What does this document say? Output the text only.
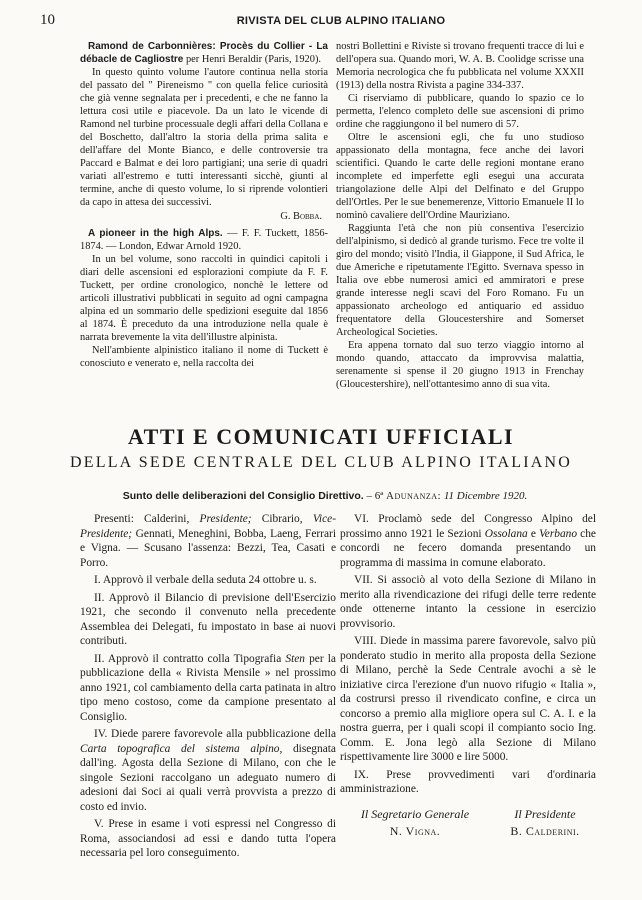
10	RIVISTA DEL CLUB ALPINO ITALIANO

Ramond de Carbonnières: Procès du Collier - La débacle de Cagliostre per Henri Beraldir (Paris, 1920).

In questo quinto volume l'autore continua nella storia del passato del " Pireneismo " con quella felice curiosità che già venne segnalata per i precedenti, e che ne fanno la lettura così utile e piacevole. Da un lato le vicende di Ramond nel turbine processuale degli affari della Collana e del Boschetto, dall'altro la storia della prima salita e dell'affare del Monte Bianco, e delle controversie tra Paccard e Balmat e dei loro partigiani; una serie di quadri variati all'estremo e tutti interessanti sicchè, giunti al termine, anche di questo volume, lo si riprende volontieri da capo in attesa dei successivi.

G. Bobba.

A pioneer in the high Alps. — F. F. Tuckett, 1856-1874. — London, Edwar Arnold 1920.

In un bel volume, sono raccolti in quindici capitoli i diari delle ascensioni ed esplorazioni compiute da F. F. Tuckett, per ordine cronologico, nonchè le lettere od articoli illustrativi pubblicati in seguito ad ogni campagna alpina ed un sommario delle spedizioni eseguite dal 1856 al 1874. È preceduto da una introduzione nella quale è narrata brevemente la vita dell'illustre alpinista.

Nell'ambiente alpinistico italiano il nome di Tuckett è conosciuto e venerato e, nella raccolta dei

nostri Bollettini e Riviste si trovano frequenti tracce di lui e dell'opera sua. Quando morì, W. A. B. Coolidge scrisse una Memoria necrologica che fu pubblicata nel volume XXXII (1913) della nostra Rivista a pagine 334-337.

Ci riserviamo di pubblicare, quando lo spazio ce lo permetta, l'elenco completo delle sue ascensioni di primo ordine che raggiungono il bel numero di 57.

Oltre le ascensioni egli, che fu uno studioso appassionato della montagna, fece anche dei lavori scientifici. Quando le carte delle regioni montane erano incomplete ed imperfette egli eseguì una accurata triangolazione delle Alpi del Delfinato e del Gruppo dell'Ortles. Per le sue benemerenze, Vittorio Emanuele II lo nominò cavaliere dell'Ordine Mauriziano.

Raggiunta l'età che non più consentiva l'esercizio dell'alpinismo, si dedicò al grande turismo. Fece tre volte il giro del mondo; visitò l'India, il Giappone, il Sud Africa, le due Americhe e ripetutamente l'Egitto. Svernava spesso in Italia ove ebbe numerosi amici ed ammiratori e prese grande interesse negli scavi del Foro Romano. Fu un appassionato archeologo ed antiquario ed assiduo frequentatore della Gloucestershire and Somerset Archeological Societies.

Era appena tornato dal suo terzo viaggio intorno al mondo quando, attaccato da improvvisa malattia, serenamente si spense il 20 giugno 1913 in Frenchay (Gloucestershire), nell'ottantesimo anno di sua vita.

ATTI E COMUNICATI UFFICIALI
DELLA SEDE CENTRALE DEL CLUB ALPINO ITALIANO
Sunto delle deliberazioni del Consiglio Direttivo. – 6ª Adunanza: 11 Dicembre 1920.

Presenti: Calderini, Presidente; Cibrario, Vice-Presidente; Gennati, Meneghini, Bobba, Laeng, Ferrari e Vigna. — Scusano l'assenza: Bezzi, Tea, Casati e Porro.

I. Approvò il verbale della seduta 24 ottobre u. s.

II. Approvò il Bilancio di previsione dell'Esercizio 1921, che secondo il convenuto nella precedente Assemblea dei Delegati, fu impostato in base ai nuovi contributi.

II. Approvò il contratto colla Tipografia Sten per la pubblicazione della « Rivista Mensile » nel prossimo anno 1921, col cambiamento della carta patinata in altro tipo meno costoso, come da campione presentato al Consiglio.

IV. Diede parere favorevole alla pubblicazione della Carta topografica del sistema alpino, disegnata dall'ing. Agosta della Sezione di Milano, con che le singole Sezioni raccolgano un adeguato numero di adesioni dai Soci ai quali verrà provvista a prezzo di costo ed invio.

V. Prese in esame i voti espressi nel Congresso di Roma, associandosi ad essi e dando tutta l'opera necessaria pel loro conseguimento.

VI. Proclamò sede del Congresso Alpino del prossimo anno 1921 le Sezioni Ossolana e Verbano che concordi ne fecero domanda presentando un programma di massima in comune elaborato.

VII. Si associò al voto della Sezione di Milano in merito alla rivendicazione dei rifugi delle terre redente onde ottenerne intanto la cessione in esercizio provvisorio.

VIII. Diede in massima parere favorevole, salvo più ponderato studio in merito alla proposta della Sezione di Milano, perchè la Sede Centrale avochi a sè le iniziative circa l'erezione d'un nuovo rifugio « Italia », da costrursi presso il rivendicato confine, e circa un concorso a premio alla migliore opera sul C. A. I. e la nostra guerra, per i quali scopi il compianto socio Ing. Comm. E. Jona legò alla Sezione di Milano rispettivamente lire 3000 e lire 5000.

IX. Prese provvedimenti vari d'ordinaria amministrazione.

Il Segretario Generale
N. Vigna.
Il Presidente
B. Calderini.
